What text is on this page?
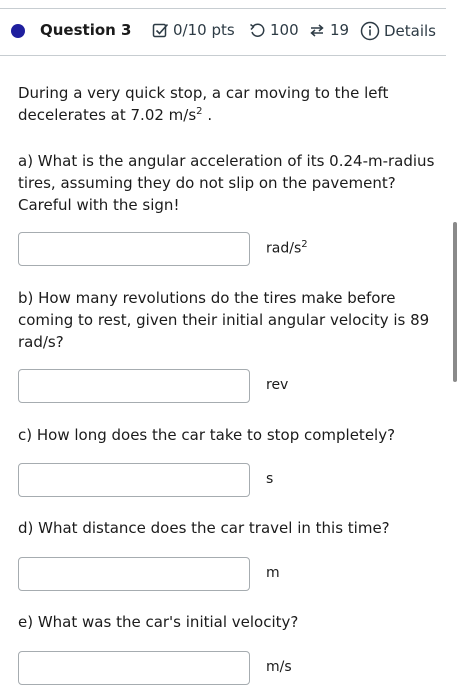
Question 3	0/10 pts 100 19 Details
During a very quick stop, a car moving to the left decelerates at 7.02 $m/s^2$ .
a) What is the angular acceleration of its 0.24-m-radius tires, assuming they do not slip on the pavement? Careful with the sign!
rad/$s^2$
b) How many revolutions do the tires make before coming to rest, given their initial angular velocity is 89 rad/s?
rev
c) How long does the car take to stop completely?
s
d) What distance does the car travel in this time?
m
e) What was the car's initial velocity?
m/s
